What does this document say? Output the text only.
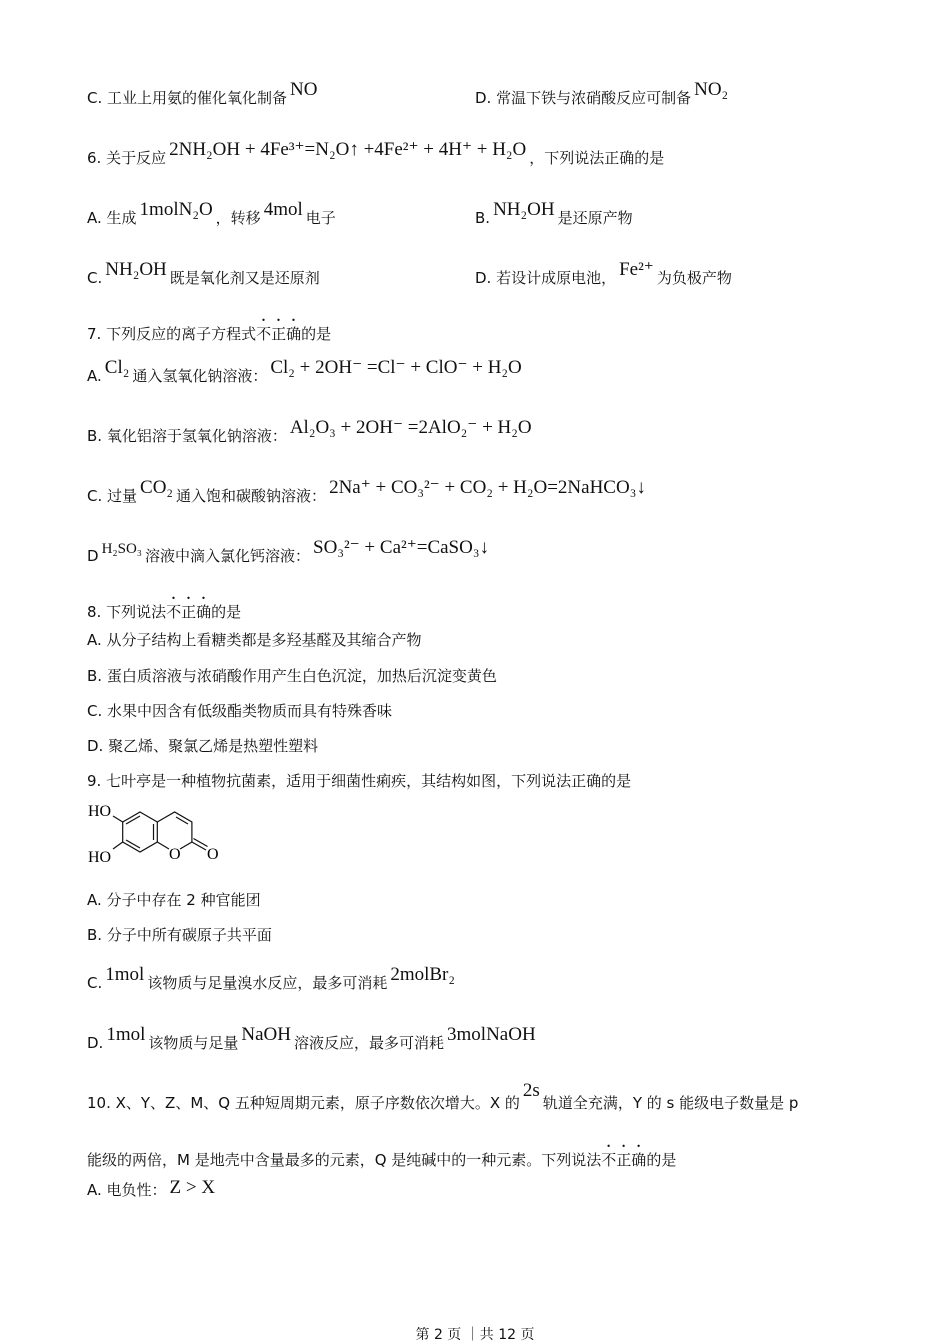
C. 工业上用氨的催化氧化制备 NO	D. 常温下铁与浓硝酸反应可制备 NO₂
6. 关于反应 2NH₂OH + 4Fe³⁺=N₂O↑ +4Fe²⁺ + 4H⁺ + H₂O ，下列说法正确的是
A. 生成 1molN₂O ，转移 4mol 电子	B. NH₂OH 是还原产物
C. NH₂OH 既是氧化剂又是还原剂	D. 若设计成原电池， Fe²⁺ 为负极产物
7. 下列反应的离子方程式不正确的是
A. Cl₂ 通入氢氧化钠溶液： Cl₂ + 2OH⁻ =Cl⁻ + ClO⁻ + H₂O
B. 氧化铝溶于氢氧化钠溶液： Al₂O₃ + 2OH⁻ =2AlO₂⁻ + H₂O
C. 过量 CO₂ 通入饱和碳酸钠溶液： 2Na⁺ + CO₃²⁻ + CO₂ + H₂O=2NaHCO₃↓
D H₂SO₃ 溶液中滴入氯化钙溶液： SO₃²⁻ + Ca²⁺=CaSO₃↓
8. 下列说法不正确的是
A. 从分子结构上看糖类都是多羟基醛及其缩合产物
B. 蛋白质溶液与浓硝酸作用产生白色沉淀，加热后沉淀变黄色
C. 水果中因含有低级酯类物质而具有特殊香味
D. 聚乙烯、聚氯乙烯是热塑性塑料
9. 七叶亭是一种植物抗菌素，适用于细菌性痢疾，其结构如图，下列说法正确的是
HO
HO	O O
A. 分子中存在 2 种官能团
B. 分子中所有碳原子共平面
C. 1mol 该物质与足量溴水反应，最多可消耗 2molBr₂
D. 1mol 该物质与足量 NaOH 溶液反应，最多可消耗 3molNaOH
10. X、Y、Z、M、Q 五种短周期元素，原子序数依次增大。X 的2s轨道全充满，Y 的 s 能级电子数量是 p
能级的两倍，M 是地壳中含量最多的元素，Q 是纯碱中的一种元素。下列说法不正确的是
A. 电负性： Z > X
第 2 页 ｜共 12 页
